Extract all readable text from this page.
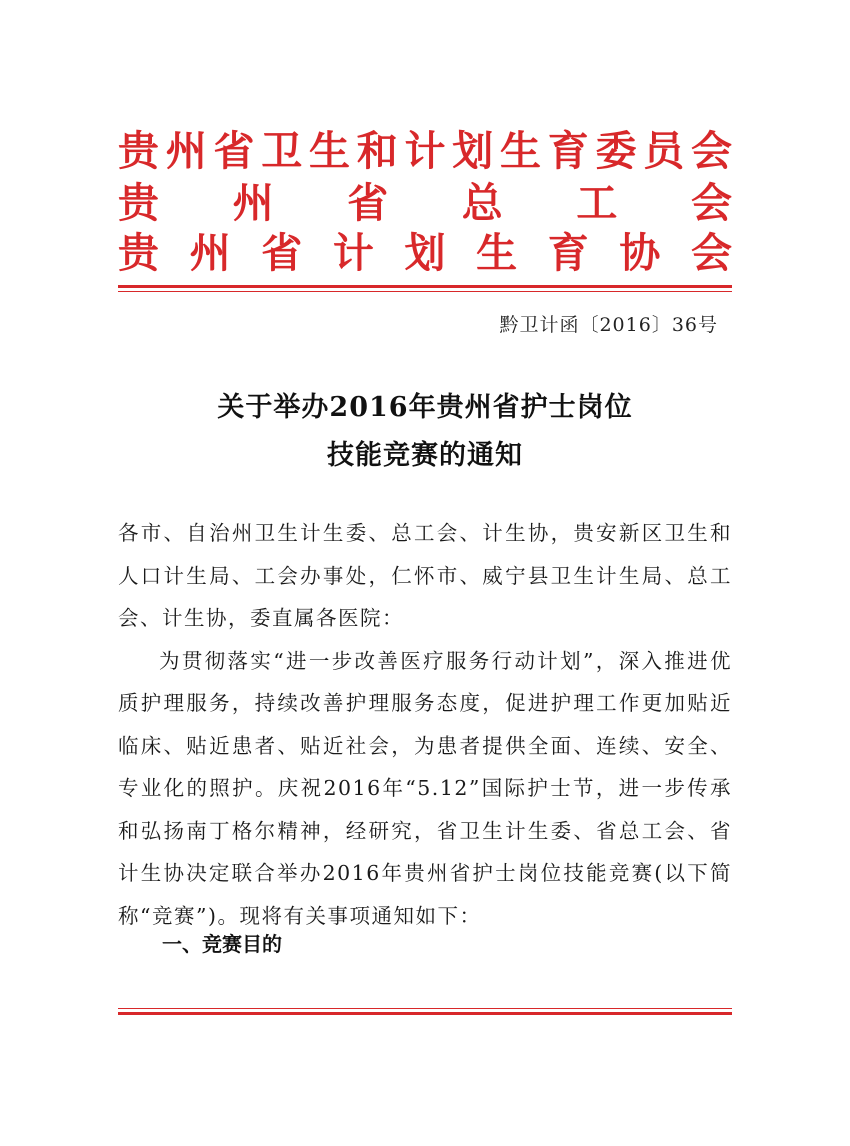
贵 州 省 卫 生 和 计 划 生 育 委 员 会
贵 州 省 总 工 会
贵 州 省 计 划 生 育 协 会
黔卫计函〔2016〕36号
关于举办2016年贵州省护士岗位
技能竞赛的通知

各市、自治州卫生计生委、总工会、计生协，贵安新区卫生和人口计生局、工会办事处，仁怀市、威宁县卫生计生局、总工会、计生协，委直属各医院：

为贯彻落实“进一步改善医疗服务行动计划”，深入推进优质护理服务，持续改善护理服务态度，促进护理工作更加贴近临床、贴近患者、贴近社会，为患者提供全面、连续、安全、专业化的照护。庆祝2016年“5.12”国际护士节，进一步传承和弘扬南丁格尔精神，经研究，省卫生计生委、省总工会、省计生协决定联合举办2016年贵州省护士岗位技能竞赛(以下简称“竞赛”)。现将有关事项通知如下：

一、竞赛目的
